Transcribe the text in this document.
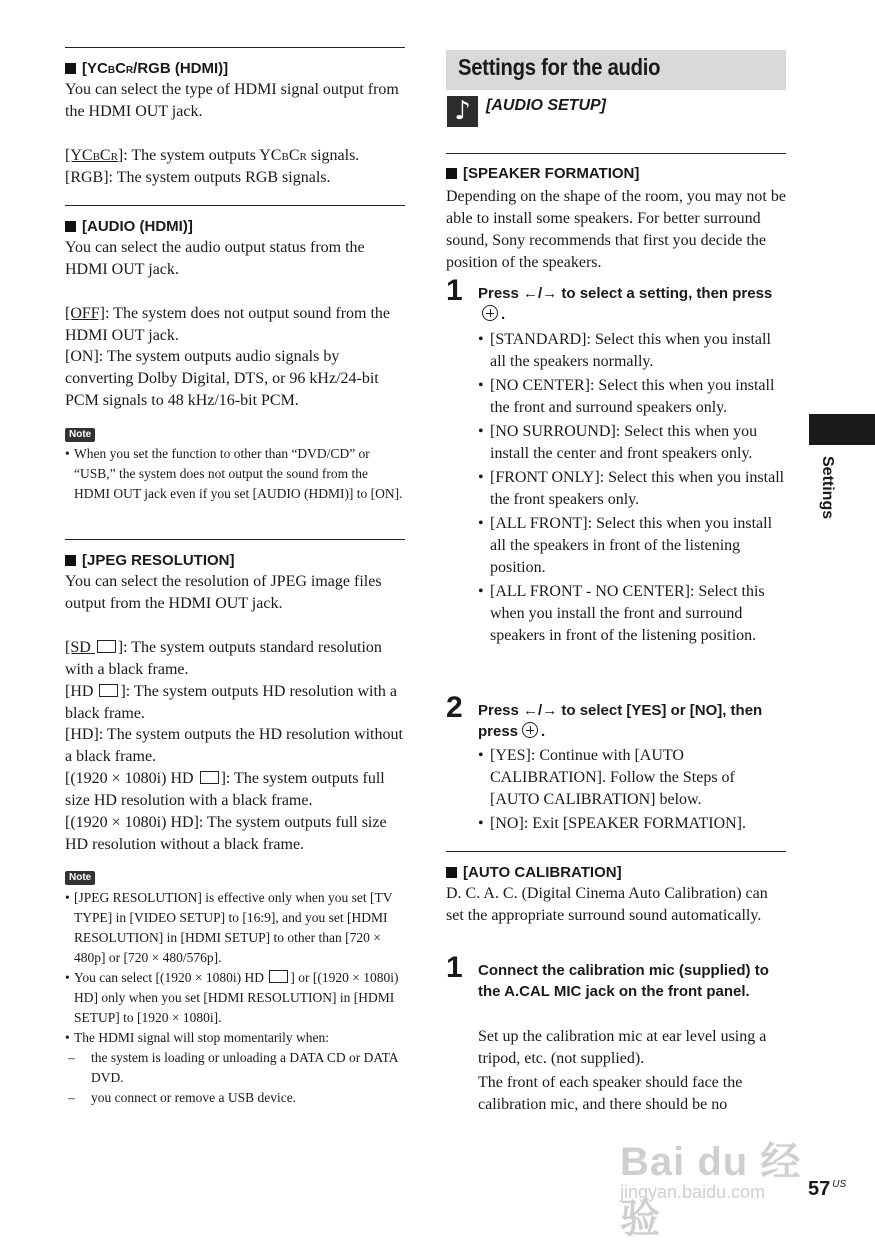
[YCBCR/RGB (HDMI)]

You can select the type of HDMI signal output from the HDMI OUT jack.

[YCBCR]: The system outputs YCBCR signals.

[RGB]: The system outputs RGB signals.

[AUDIO (HDMI)]

You can select the audio output status from the HDMI OUT jack.

[OFF]: The system does not output sound from the HDMI OUT jack.

[ON]: The system outputs audio signals by converting Dolby Digital, DTS, or 96 kHz/24-bit PCM signals to 48 kHz/16-bit PCM.

Note
• When you set the function to other than “DVD/CD” or “USB,” the system does not output the sound from the HDMI OUT jack even if you set [AUDIO (HDMI)] to [ON].
[JPEG RESOLUTION]

You can select the resolution of JPEG image files output from the HDMI OUT jack.

[SD ]: The system outputs standard resolution with a black frame.

[HD ]: The system outputs HD resolution with a black frame.

[HD]: The system outputs the HD resolution without a black frame.

[(1920 × 1080i) HD ]: The system outputs full size HD resolution with a black frame.

[(1920 × 1080i) HD]: The system outputs full size HD resolution without a black frame.

Note
• [JPEG RESOLUTION] is effective only when you set [TV TYPE] in [VIDEO SETUP] to [16:9], and you set [HDMI RESOLUTION] in [HDMI SETUP] to other than [720 × 480p] or [720 × 480/576p].
• You can select [(1920 × 1080i) HD ] or [(1920 × 1080i) HD] only when you set [HDMI RESOLUTION] in [HDMI SETUP] to [1920 × 1080i].
• The HDMI signal will stop momentarily when:
– the system is loading or unloading a DATA CD or DATA DVD.
– you connect or remove a USB device.
Settings for the audio
♪ [AUDIO SETUP]
[SPEAKER FORMATION]

Depending on the shape of the room, you may not be able to install some speakers. For better surround sound, Sony recommends that first you decide the position of the speakers.

1 Press ←/→ to select a setting, then press.

• [STANDARD]: Select this when you install all the speakers normally.
• [NO CENTER]: Select this when you install the front and surround speakers only.
• [NO SURROUND]: Select this when you install the center and front speakers only.
• [FRONT ONLY]: Select this when you install the front speakers only.
• [ALL FRONT]: Select this when you install all the speakers in front of the listening position.
• [ALL FRONT - NO CENTER]: Select this when you install the front and surround speakers in front of the listening position.
2 Press ←/→ to select [YES] or [NO], then press .

• [YES]: Continue with [AUTO CALIBRATION]. Follow the Steps of [AUTO CALIBRATION] below.
• [NO]: Exit [SPEAKER FORMATION].
[AUTO CALIBRATION]

D. C. A. C. (Digital Cinema Auto Calibration) can set the appropriate surround sound automatically.

1 Connect the calibration mic (supplied) to the A.CAL MIC jack on the front panel.

Set up the calibration mic at ear level using a tripod, etc. (not supplied).

The front of each speaker should face the calibration mic, and there should be no

Settings
Bai du 经验
jingyan.baidu.com 57 $^{US}$
